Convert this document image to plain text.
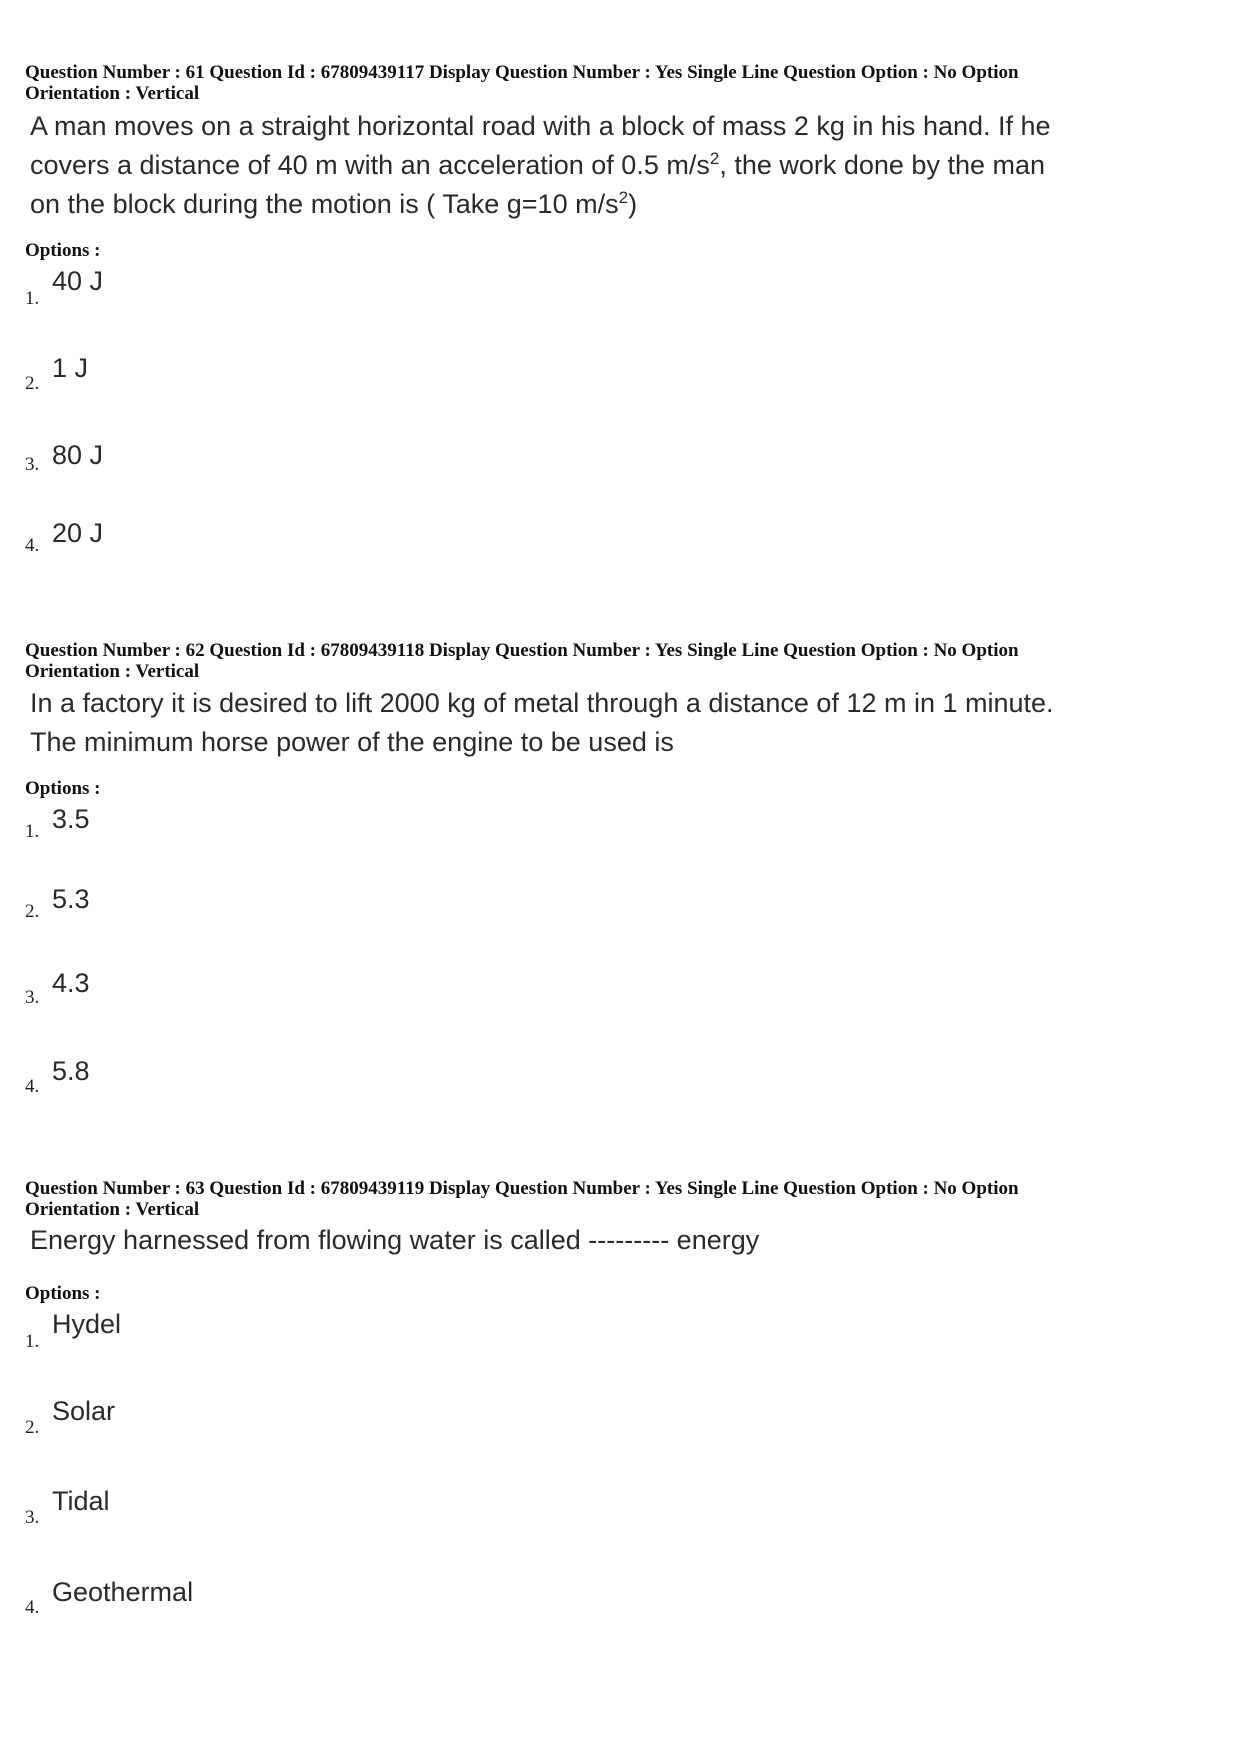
Question Number : 61 Question Id : 67809439117 Display Question Number : Yes Single Line Question Option : No Option
Orientation : Vertical
A man moves on a straight horizontal road with a block of mass 2 kg in his hand. If he
covers a distance of 40 m with an acceleration of 0.5 $m/s^2$, the work done by the man
on the block during the motion is ( Take g=10 $m/s^2$)
Options :
1.
40 J
2.
1 J
3. 80 J
4. 20 J
Question Number : 62 Question Id : 67809439118 Display Question Number : Yes Single Line Question Option : No Option
Orientation : Vertical
In a factory it is desired to lift 2000 kg of metal through a distance of 12 m in 1 minute.
The minimum horse power of the engine to be used is
Options :
1. 3.5
2. 5.3
3. 4.3
4.
5.8
Question Number : 63 Question Id : 67809439119 Display Question Number : Yes Single Line Question Option : No Option
Orientation : Vertical
Energy harnessed from flowing water is called --------- energy
Options :
1.
Hydel
2.
Solar
3.
Tidal
4.
Geothermal
